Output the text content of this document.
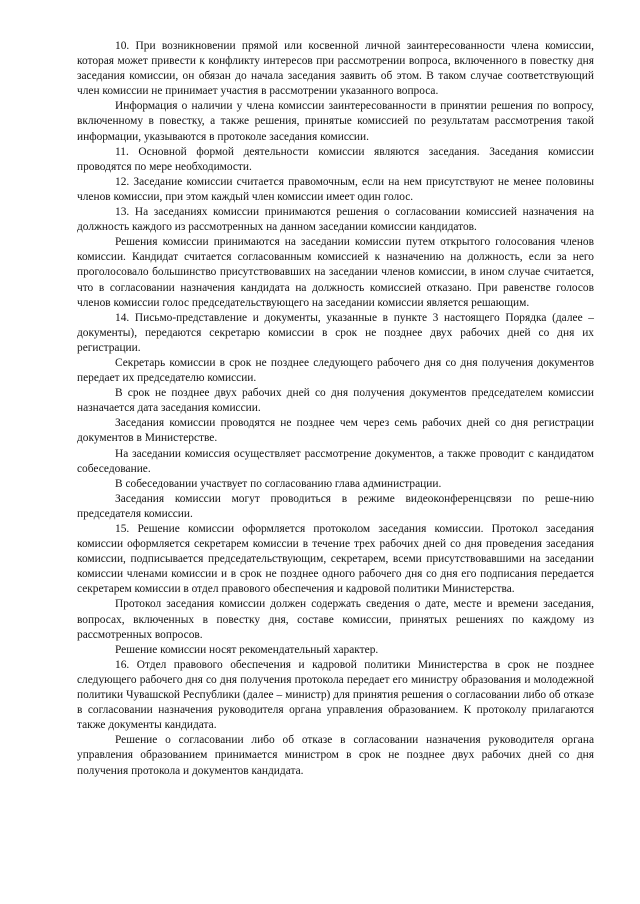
10. При возникновении прямой или косвенной личной заинтересованности члена комиссии, которая может привести к конфликту интересов при рассмотрении вопроса, включенного в повестку дня заседания комиссии, он обязан до начала заседания заявить об этом. В таком случае соответствующий член комиссии не принимает участия в рассмотрении указанного вопроса.

Информация о наличии у члена комиссии заинтересованности в принятии решения по вопросу, включенному в повестку, а также решения, принятые комиссией по результатам рассмотрения такой информации, указываются в протоколе заседания комиссии.

11. Основной формой деятельности комиссии являются заседания. Заседания комиссии проводятся по мере необходимости.

12. Заседание комиссии считается правомочным, если на нем присутствуют не менее половины членов комиссии, при этом каждый член комиссии имеет один голос.

13. На заседаниях комиссии принимаются решения о согласовании комиссией назначения на должность каждого из рассмотренных на данном заседании комиссии кандидатов.

Решения комиссии принимаются на заседании комиссии путем открытого голосования членов комиссии. Кандидат считается согласованным комиссией к назначению на должность, если за него проголосовало большинство присутствовавших на заседании членов комиссии, в ином случае считается, что в согласовании назначения кандидата на должность комиссией отказано. При равенстве голосов членов комиссии голос председательствующего на заседании комиссии является решающим.

14. Письмо-представление и документы, указанные в пункте 3 настоящего Порядка (далее – документы), передаются секретарю комиссии в срок не позднее двух рабочих дней со дня их регистрации.

Секретарь комиссии в срок не позднее следующего рабочего дня со дня получения документов передает их председателю комиссии.

В срок не позднее двух рабочих дней со дня получения документов председателем комиссии назначается дата заседания комиссии.

Заседания комиссии проводятся не позднее чем через семь рабочих дней со дня регистрации документов в Министерстве.

На заседании комиссия осуществляет рассмотрение документов, а также проводит с кандидатом собеседование.

В собеседовании участвует по согласованию глава администрации.

Заседания комиссии могут проводиться в режиме видеоконференцсвязи по реше-нию председателя комиссии.

15. Решение комиссии оформляется протоколом заседания комиссии. Протокол заседания комиссии оформляется секретарем комиссии в течение трех рабочих дней со дня проведения заседания комиссии, подписывается председательствующим, секретарем, всеми присутствовавшими на заседании комиссии членами комиссии и в срок не позднее одного рабочего дня со дня его подписания передается секретарем комиссии в отдел правового обеспечения и кадровой политики Министерства.

Протокол заседания комиссии должен содержать сведения о дате, месте и времени заседания, вопросах, включенных в повестку дня, составе комиссии, принятых решениях по каждому из рассмотренных вопросов.

Решение комиссии носят рекомендательный характер.

16. Отдел правового обеспечения и кадровой политики Министерства в срок не позднее следующего рабочего дня со дня получения протокола передает его министру образования и молодежной политики Чувашской Республики (далее – министр) для принятия решения о согласовании либо об отказе в согласовании назначения руководителя органа управления образованием. К протоколу прилагаются также документы кандидата.

Решение о согласовании либо об отказе в согласовании назначения руководителя органа управления образованием принимается министром в срок не позднее двух рабочих дней со дня получения протокола и документов кандидата.
